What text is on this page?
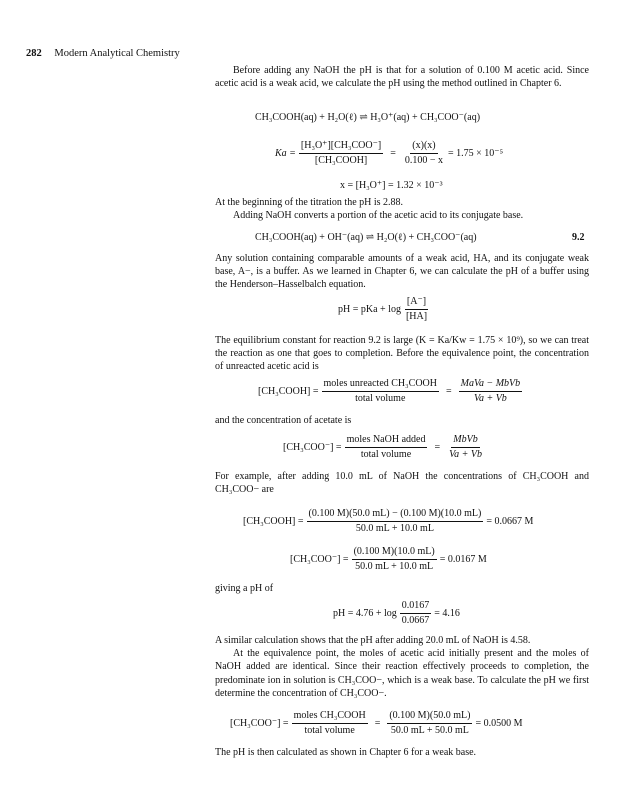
282 Modern Analytical Chemistry

Before adding any NaOH the pH is that for a solution of 0.100 M acetic acid. Since acetic acid is a weak acid, we calculate the pH using the method outlined in Chapter 6.

CH₃COOH(aq) + H₂O(ℓ) ⇌ H₃O⁺(aq) + CH₃COO⁻(aq)
$Ka = \frac{\text{[H₃O⁺][CH₃COO⁻]}}{\text{[CH₃COOH]}} = \frac{(x)(x)}{0.100 - x} = 1.75 \times 10^{-5}$
x = [H₃O⁺] = 1.32 × 10⁻³

At the beginning of the titration the pH is 2.88.

Adding NaOH converts a portion of the acetic acid to its conjugate base.

CH₃COOH(aq) + OH⁻(aq) ⇌ H₂O(ℓ) + CH₃COO⁻(aq)	9.2

Any solution containing comparable amounts of a weak acid, HA, and its conjugate weak base, A−, is a buffer. As we learned in Chapter 6, we can calculate the pH of a buffer using the Henderson–Hasselbalch equation.

pH = pKa + $\log \frac{[A^-]}{[HA]}$

The equilibrium constant for reaction 9.2 is large (K = Ka/Kw = 1.75 × 10⁹), so we can treat the reaction as one that goes to completion. Before the equivalence point, the concentration of unreacted acetic acid is

[CH₃COOH] = $\frac{\text{moles unreacted CH₃COOH}}{\text{total volume}} = \frac{\text{MaVa − MbVb}}{Va + Vb}$

and the concentration of acetate is

$[CH_3COO^-] = \frac{\text{moles NaOH added}}{\text{total volume}} = \frac{\text{MbVb}}{Va + Vb}$

For example, after adding 10.0 mL of NaOH the concentrations of CH₃COOH and CH₃COO− are

[CH₃COOH] = $\frac{(0.100 M)(50.0 mL) - (0.100 M)(10.0 mL)}{50.0 mL + 10.0 mL} = 0.0667$ M
$[CH_3COO^-] = \frac{(0.100 M)(10.0 mL)}{50.0 mL + 10.0 mL} = 0.0167$ M

giving a pH of

pH = $4.76 + \log \frac{0.0167}{0.0667} = 4.16$

A similar calculation shows that the pH after adding 20.0 mL of NaOH is 4.58.

At the equivalence point, the moles of acetic acid initially present and the moles of NaOH added are identical. Since their reaction effectively proceeds to completion, the predominate ion in solution is CH₃COO−, which is a weak base. To calculate the pH we first determine the concentration of CH₃COO−.

$[CH_3COO^-] = \frac{\text{moles CH₃COOH}}{\text{total volume}} = \frac{(0.100 M)(50.0 mL)}{50.0 mL + 50.0 mL} = 0.0500$ M

The pH is then calculated as shown in Chapter 6 for a weak base.
